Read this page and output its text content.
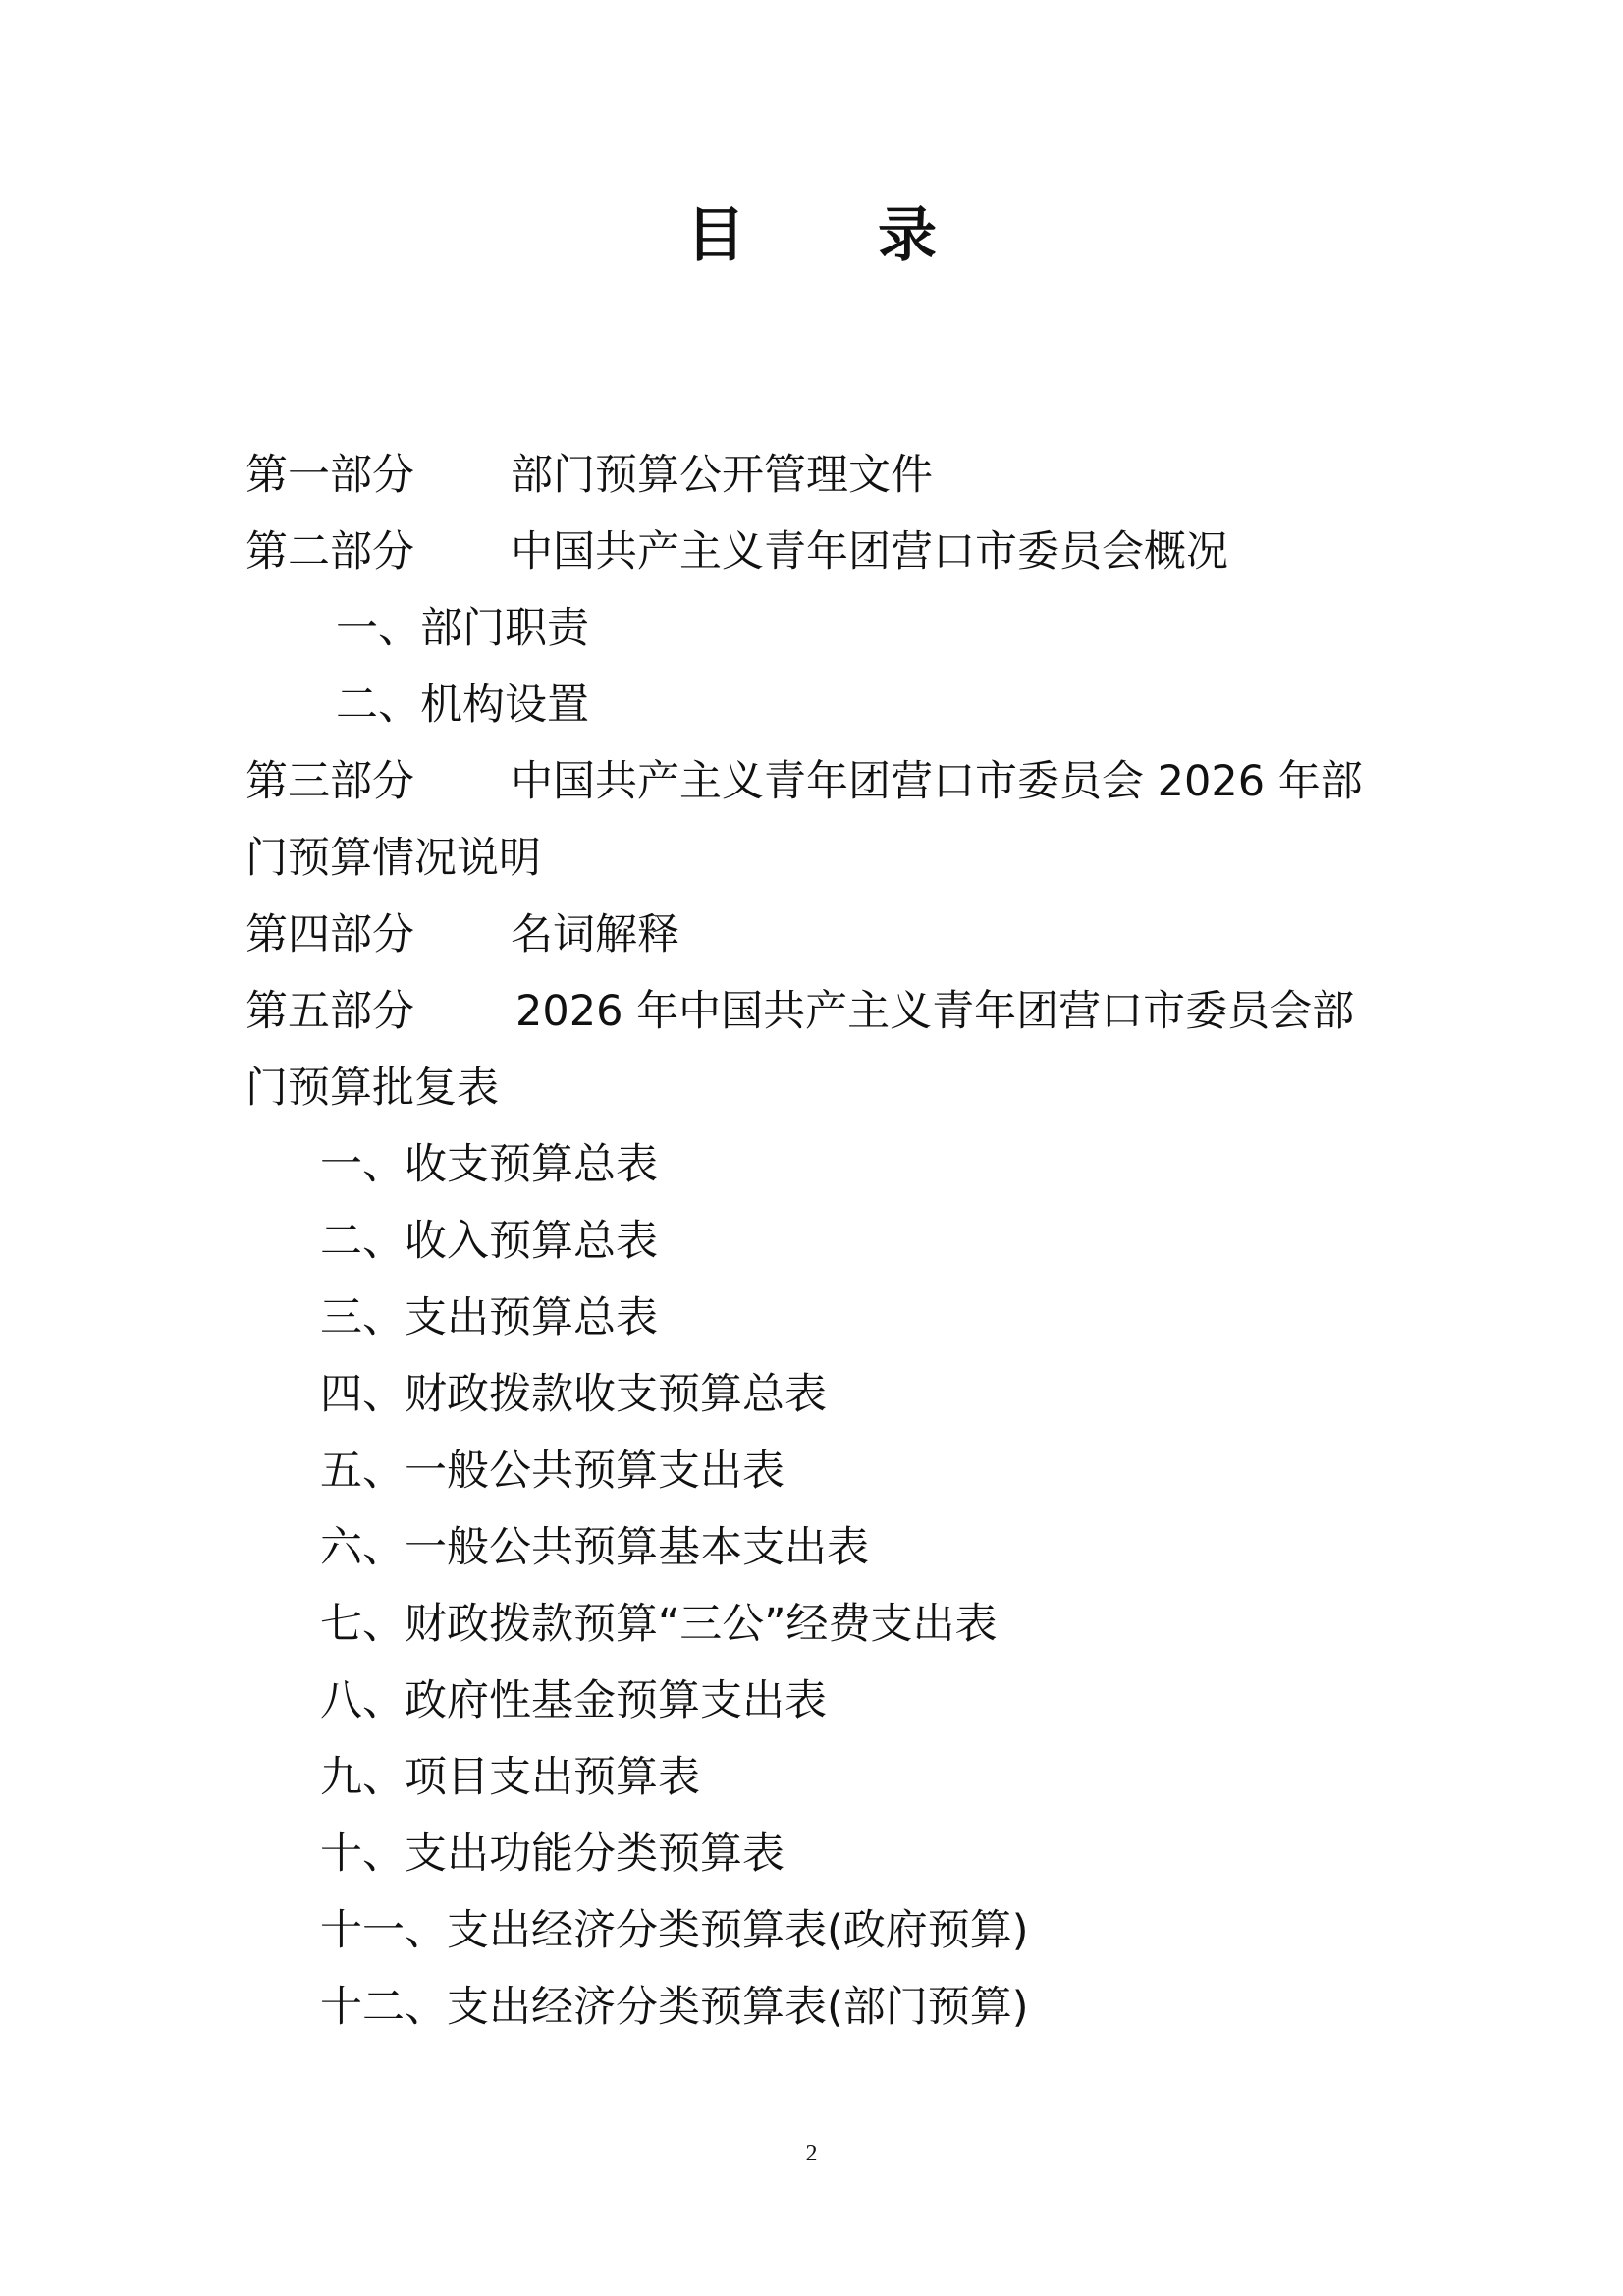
目 录
第一部分 部门预算公开管理文件
第二部分 中国共产主义青年团营口市委员会概况
一、部门职责
二、机构设置
第三部分 中国共产主义青年团营口市委员会 2026 年部
门预算情况说明
第四部分 名词解释
第五部分 2026 年中国共产主义青年团营口市委员会部
门预算批复表
一、收支预算总表
二、收入预算总表
三、支出预算总表
四、财政拨款收支预算总表
五、一般公共预算支出表
六、一般公共预算基本支出表
七、财政拨款预算“三公”经费支出表
八、政府性基金预算支出表
九、项目支出预算表
十、支出功能分类预算表
十一、支出经济分类预算表(政府预算)
十二、支出经济分类预算表(部门预算)
2
